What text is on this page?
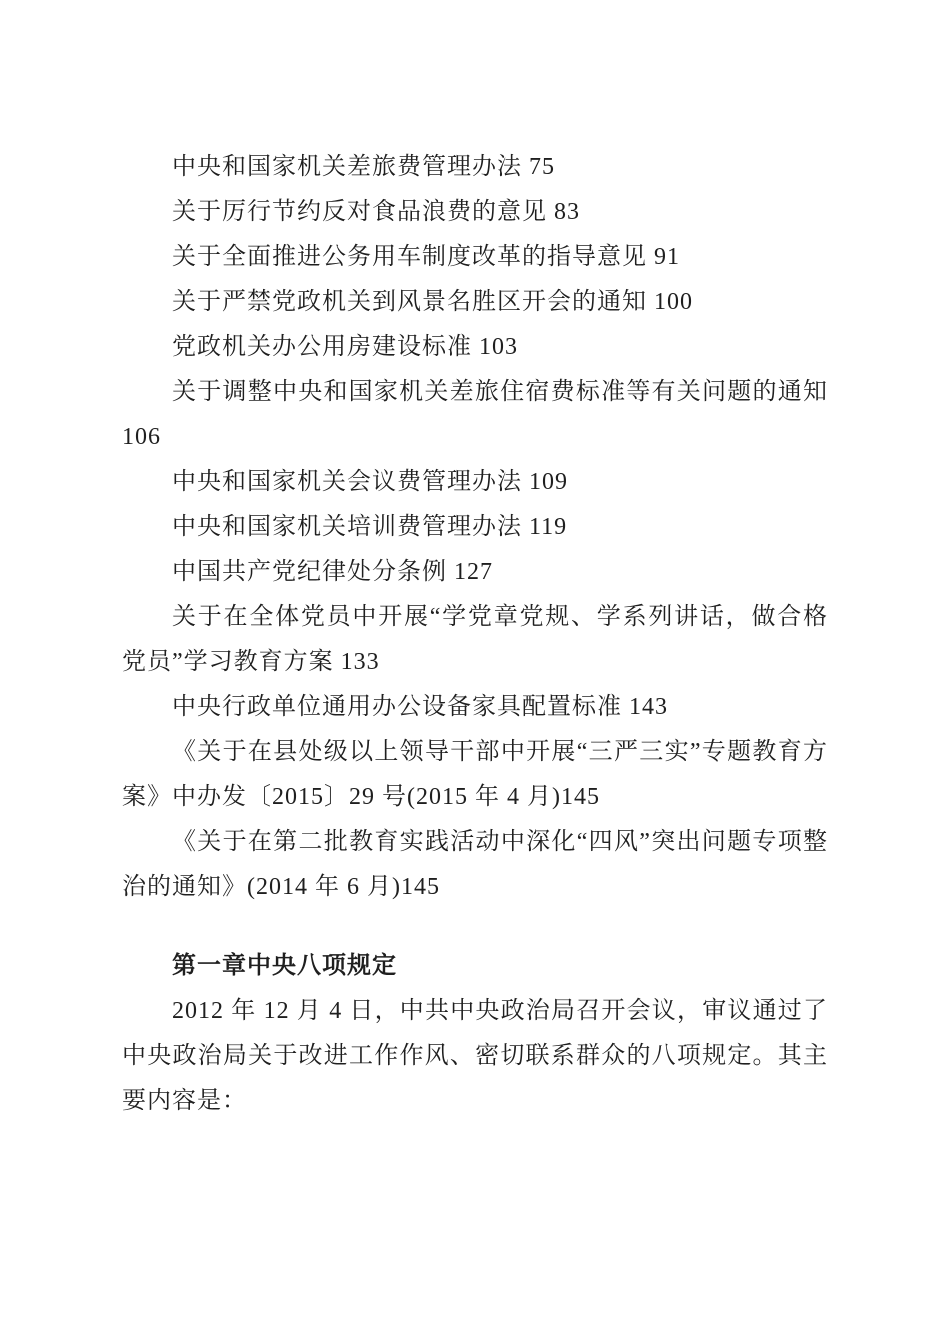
中央和国家机关差旅费管理办法 75

关于厉行节约反对食品浪费的意见 83

关于全面推进公务用车制度改革的指导意见 91

关于严禁党政机关到风景名胜区开会的通知 100

党政机关办公用房建设标准 103

关于调整中央和国家机关差旅住宿费标准等有关问题的通知 106

中央和国家机关会议费管理办法 109

中央和国家机关培训费管理办法 119

中国共产党纪律处分条例 127

关于在全体党员中开展“学党章党规、学系列讲话，做合格党员”学习教育方案 133

中央行政单位通用办公设备家具配置标准 143

《关于在县处级以上领导干部中开展“三严三实”专题教育方案》中办发〔2015〕29 号(2015 年 4 月)145

《关于在第二批教育实践活动中深化“四风”突出问题专项整治的通知》(2014 年 6 月)145

第一章中央八项规定

2012 年 12 月 4 日，中共中央政治局召开会议，审议通过了中央政治局关于改进工作作风、密切联系群众的八项规定。其主要内容是：
